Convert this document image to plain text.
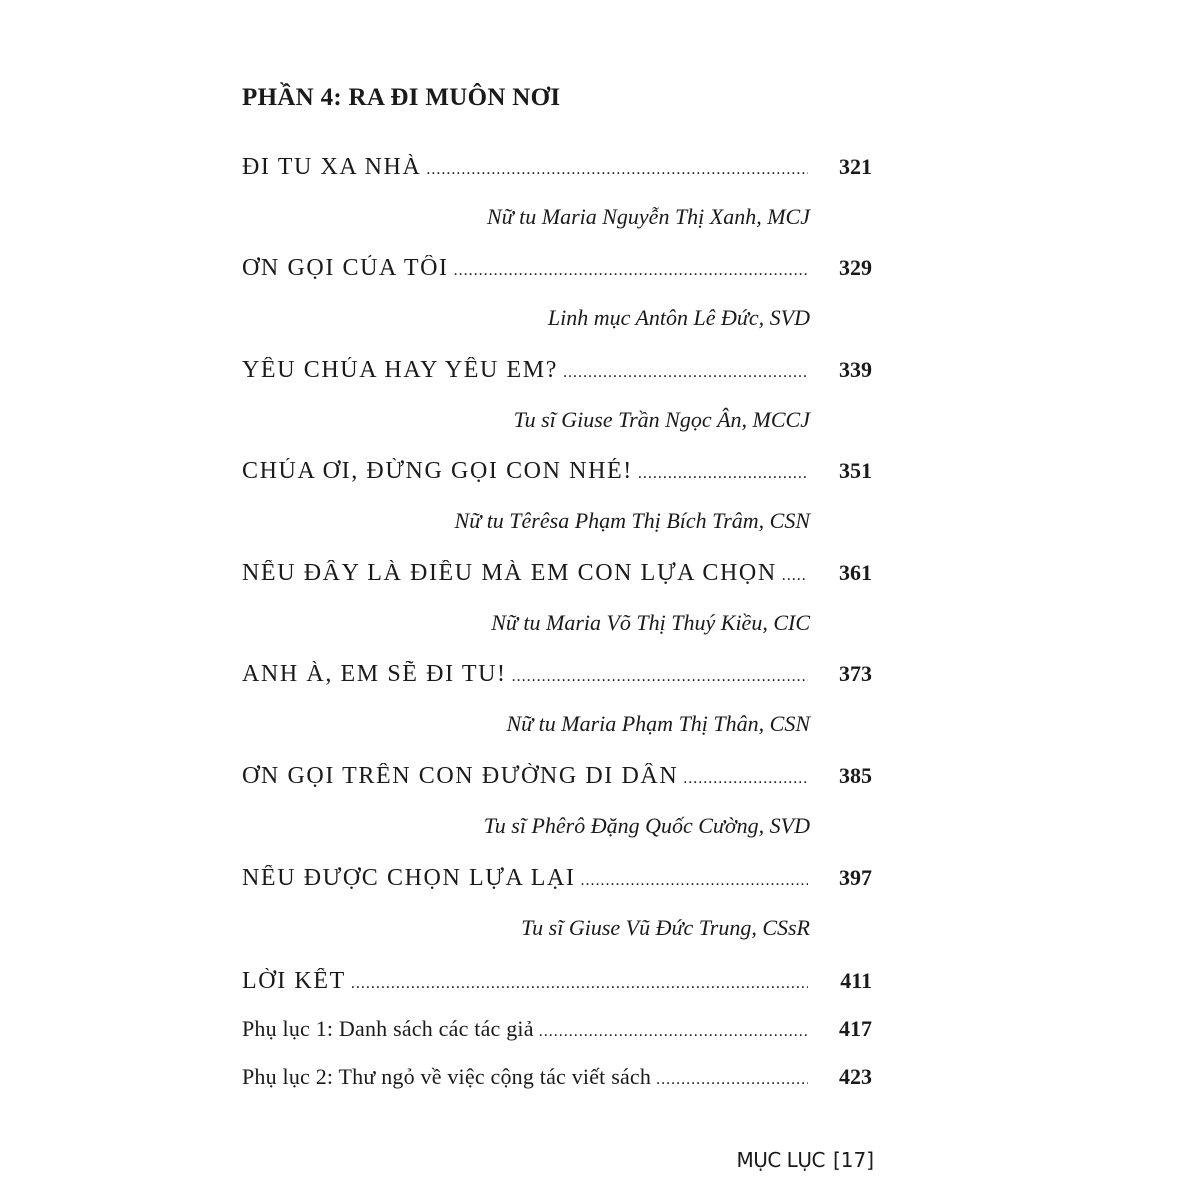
PHẦN 4: RA ĐI MUÔN NƠI
ĐI TU XA NHÀ .....	321
Nữ tu Maria Nguyễn Thị Xanh, MCJ
ƠN GỌI CỦA TÔI .....	329
Linh mục Antôn Lê Đức, SVD
YÊU CHÚA HAY YÊU EM? .....	339
Tu sĩ Giuse Trần Ngọc Ân, MCCJ
CHÚA ƠI, ĐỪNG GỌI CON NHÉ! .....	351
Nữ tu Têrêsa Phạm Thị Bích Trâm, CSN
NẾU ĐÂY LÀ ĐIỀU MÀ EM CON LỰA CHỌN .....	361
Nữ tu Maria Võ Thị Thuý Kiều, CIC
ANH À, EM SẼ ĐI TU! .....	373
Nữ tu Maria Phạm Thị Thân, CSN
ƠN GỌI TRÊN CON ĐƯỜNG DI DÂN .....	385
Tu sĩ Phêrô Đặng Quốc Cường, SVD
NẾU ĐƯỢC CHỌN LỰA LẠI .....	397
Tu sĩ Giuse Vũ Đức Trung, CSsR
LỜI KẾT .....	411
Phụ lục 1: Danh sách các tác giả .....	417
Phụ lục 2: Thư ngỏ về việc cộng tác viết sách .....	423
MỤC LỤC [17]
